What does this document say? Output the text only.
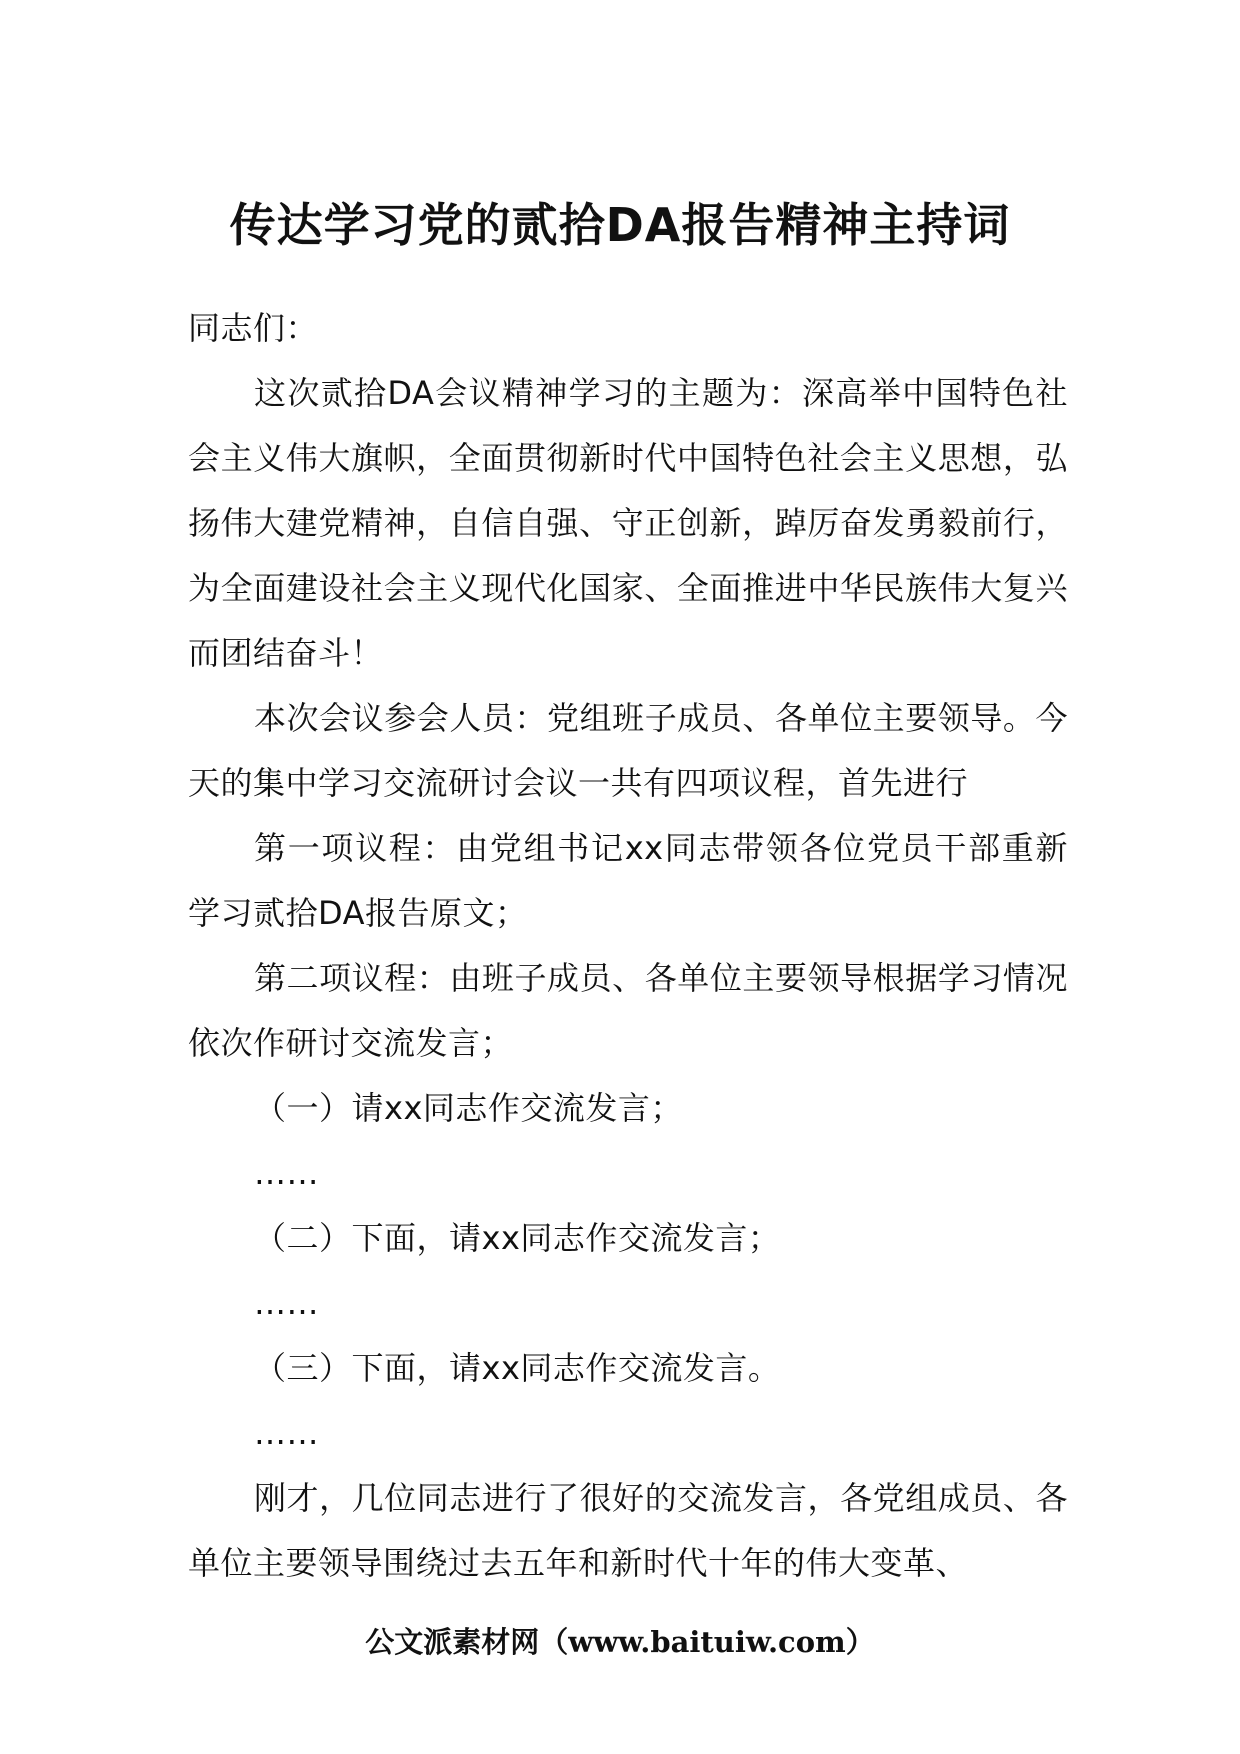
传达学习党的贰拾DA报告精神主持词

同志们：

这次贰拾DA会议精神学习的主题为：深高举中国特色社会主义伟大旗帜，全面贯彻新时代中国特色社会主义思想，弘扬伟大建党精神，自信自强、守正创新，踔厉奋发勇毅前行，为全面建设社会主义现代化国家、全面推进中华民族伟大复兴而团结奋斗！

本次会议参会人员：党组班子成员、各单位主要领导。今天的集中学习交流研讨会议一共有四项议程，首先进行

第一项议程：由党组书记xx同志带领各位党员干部重新学习贰拾DA报告原文；

第二项议程：由班子成员、各单位主要领导根据学习情况依次作研讨交流发言；

（一）请xx同志作交流发言；

……

（二）下面，请xx同志作交流发言；

……

（三）下面，请xx同志作交流发言。

……

刚才，几位同志进行了很好的交流发言，各党组成员、各单位主要领导围绕过去五年和新时代十年的伟大变革、

公文派素材网（www.baituiw.com）
